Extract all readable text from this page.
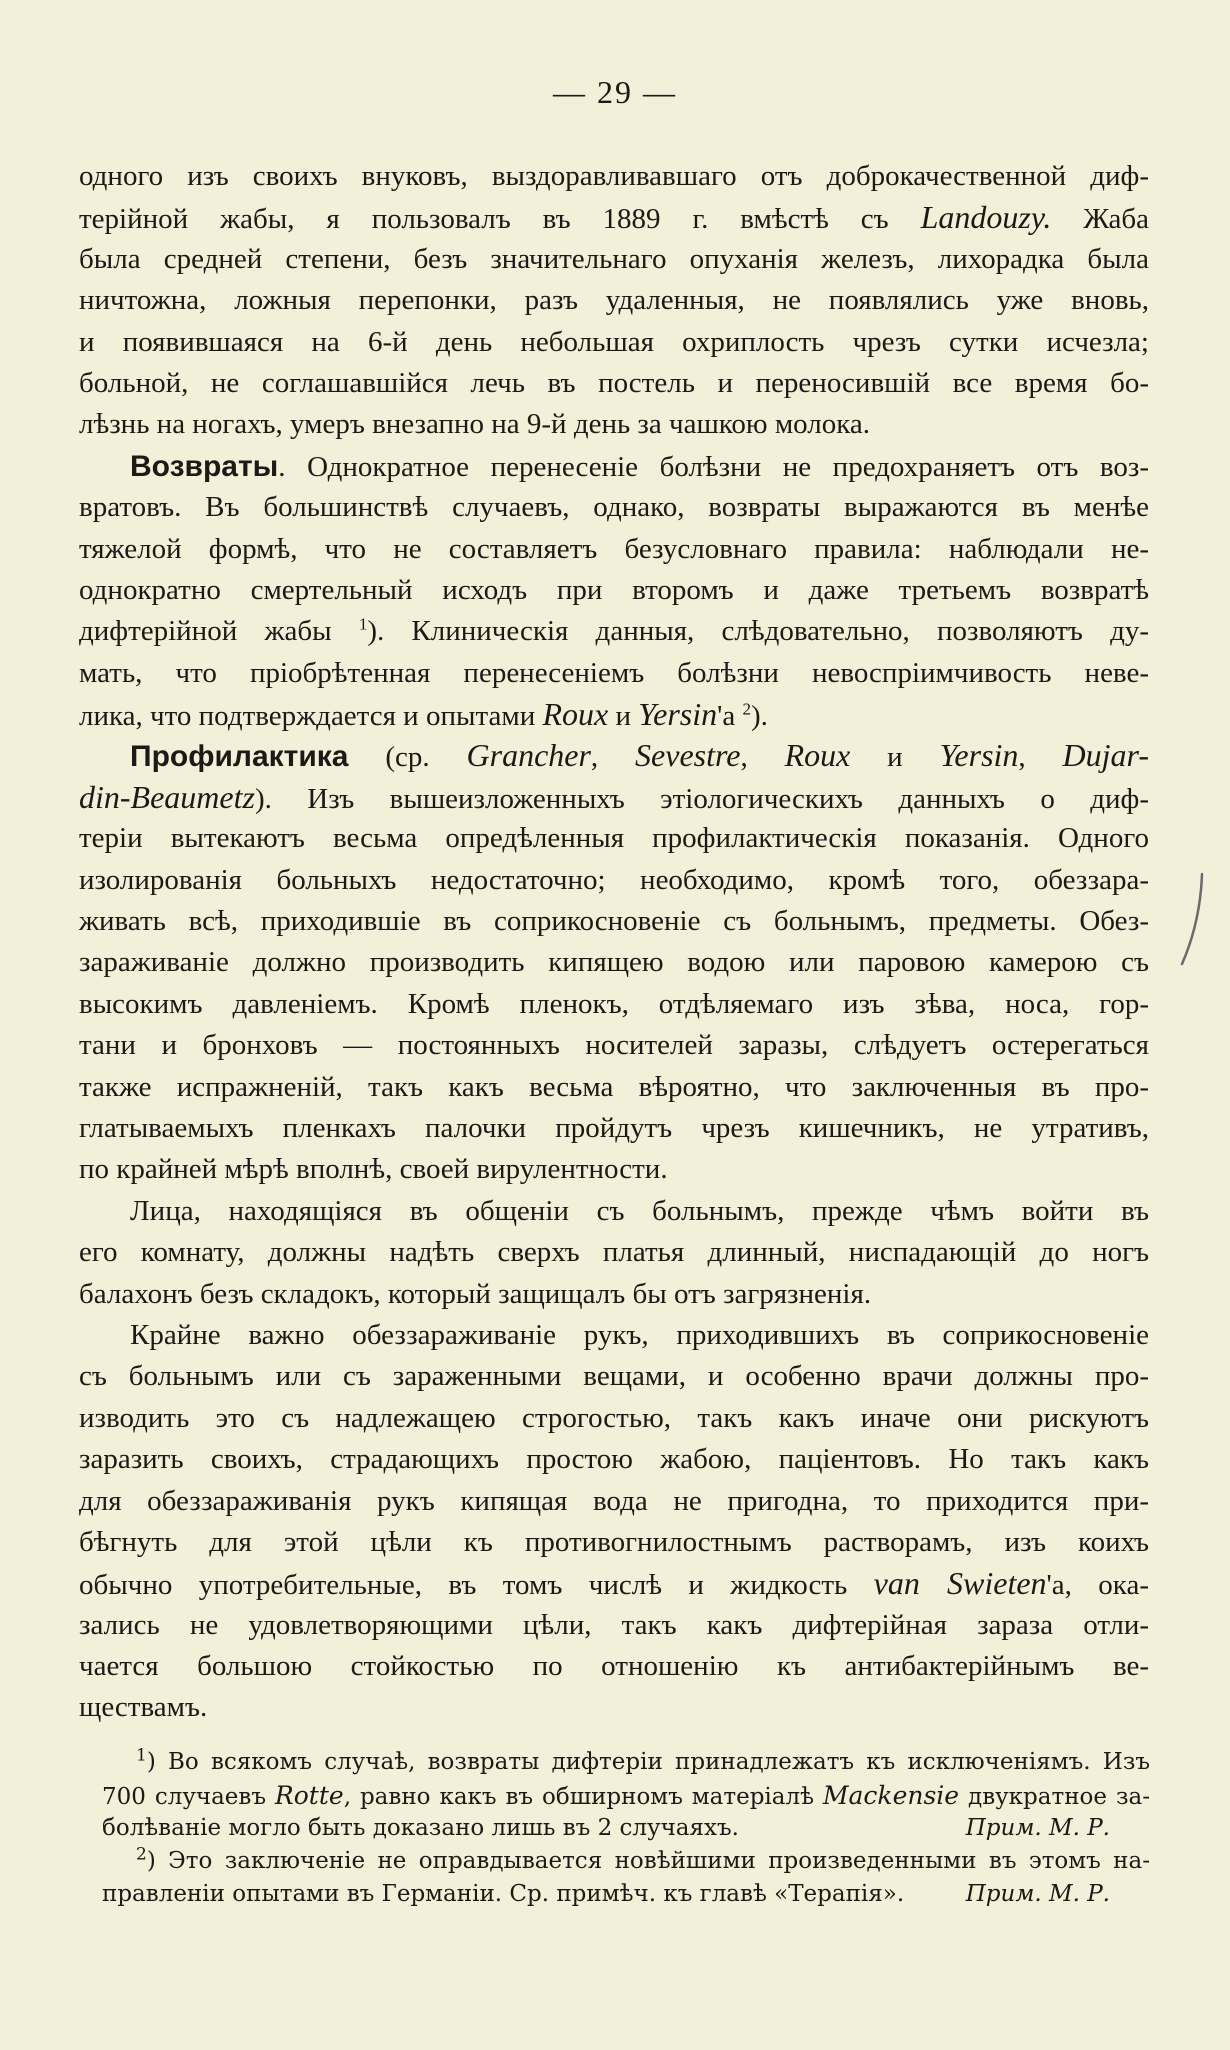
— 29 —
одного изъ своихъ внуковъ, выздоравливавшаго отъ доброкачественной диф-
терiйной жабы, я пользовалъ въ 1889 г. вмѣстѣ съ Landouzy. Жаба
была средней степени, безъ значительнаго опуханiя железъ, лихорадка была
ничтожна, ложныя перепонки, разъ удаленныя, не появлялись уже вновь,
и появившаяся на 6-й день небольшая охриплость чрезъ сутки исчезла;
больной, не соглашавшiйся лечь въ постель и переносившiй все время бо-
лѣзнь на ногахъ, умеръ внезапно на 9-й день за чашкою молока.
Возвраты. Однократное перенесенiе болѣзни не предохраняетъ отъ воз-
вратовъ. Въ большинствѣ случаевъ, однако, возвраты выражаются въ менѣе
тяжелой формѣ, что не составляетъ безусловнаго правила: наблюдали не-
однократно смертельный исходъ при второмъ и даже третьемъ возвратѣ
дифтерiйной жабы $^1$). Клиническiя данныя, слѣдовательно, позволяютъ ду-
мать, что прiобрѣтенная перенесенiемъ болѣзни невоспрiимчивость неве-
лика, что подтверждается и опытами Roux и Yersin'а $^2$).
Профилактика (ср. Grancher, Sevestre, Roux и Yersin, Dujar-
din-Beaumetz). Изъ вышеизложенныхъ этiологическихъ данныхъ о диф-
терiи вытекаютъ весьма опредѣленныя профилактическiя показанiя. Одного
изолированiя больныхъ недостаточно; необходимо, кромѣ того, обеззара-
живать всѣ, приходившiе въ соприкосновенiе съ больнымъ, предметы. Обез-
зараживанiе должно производить кипящею водою или паровою камерою съ
высокимъ давленiемъ. Кромѣ пленокъ, отдѣляемаго изъ зѣва, носа, гор-
тани и бронховъ — постоянныхъ носителей заразы, слѣдуетъ остерегаться
также испражненiй, такъ какъ весьма вѣроятно, что заключенныя въ про-
глатываемыхъ пленкахъ палочки пройдутъ чрезъ кишечникъ, не утративъ,
по крайней мѣрѣ вполнѣ, своей вирулентности.
Лица, находящiяся въ общенiи съ больнымъ, прежде чѣмъ войти въ
его комнату, должны надѣть сверхъ платья длинный, ниспадающiй до ногъ
балахонъ безъ складокъ, который защищалъ бы отъ загрязненiя.
Крайне важно обеззараживанiе рукъ, приходившихъ въ соприкосновенiе
съ больнымъ или съ зараженными вещами, и особенно врачи должны про-
изводить это съ надлежащею строгостью, такъ какъ иначе они рискуютъ
заразить своихъ, страдающихъ простою жабою, пацiентовъ. Но такъ какъ
для обеззараживанiя рукъ кипящая вода не пригодна, то приходится при-
бѣгнуть для этой цѣли къ противогнилостнымъ растворамъ, изъ коихъ
обычно употребительные, въ томъ числѣ и жидкость van Swieten'а, ока-
зались не удовлетворяющими цѣли, такъ какъ дифтерiйная зараза отли-
чается большою стойкостью по отношенiю къ антибактерiйнымъ ве-
ществамъ.
$^1$) Во всякомъ случаѣ, возвраты дифтерiи принадлежатъ къ исключенiямъ. Изъ
700 случаевъ Rotte, равно какъ въ обширномъ матерiалѣ Mackensie двукратное за-
болѣванiе могло быть доказано лишь въ 2 случаяхъ.	Прим. М. Р.
$^2$) Это заключенiе не оправдывается новѣйшими произведенными въ этомъ на-
правленiи опытами въ Германiи. Ср. примѣч. къ главѣ «Терапiя».	Прим. М. Р.
